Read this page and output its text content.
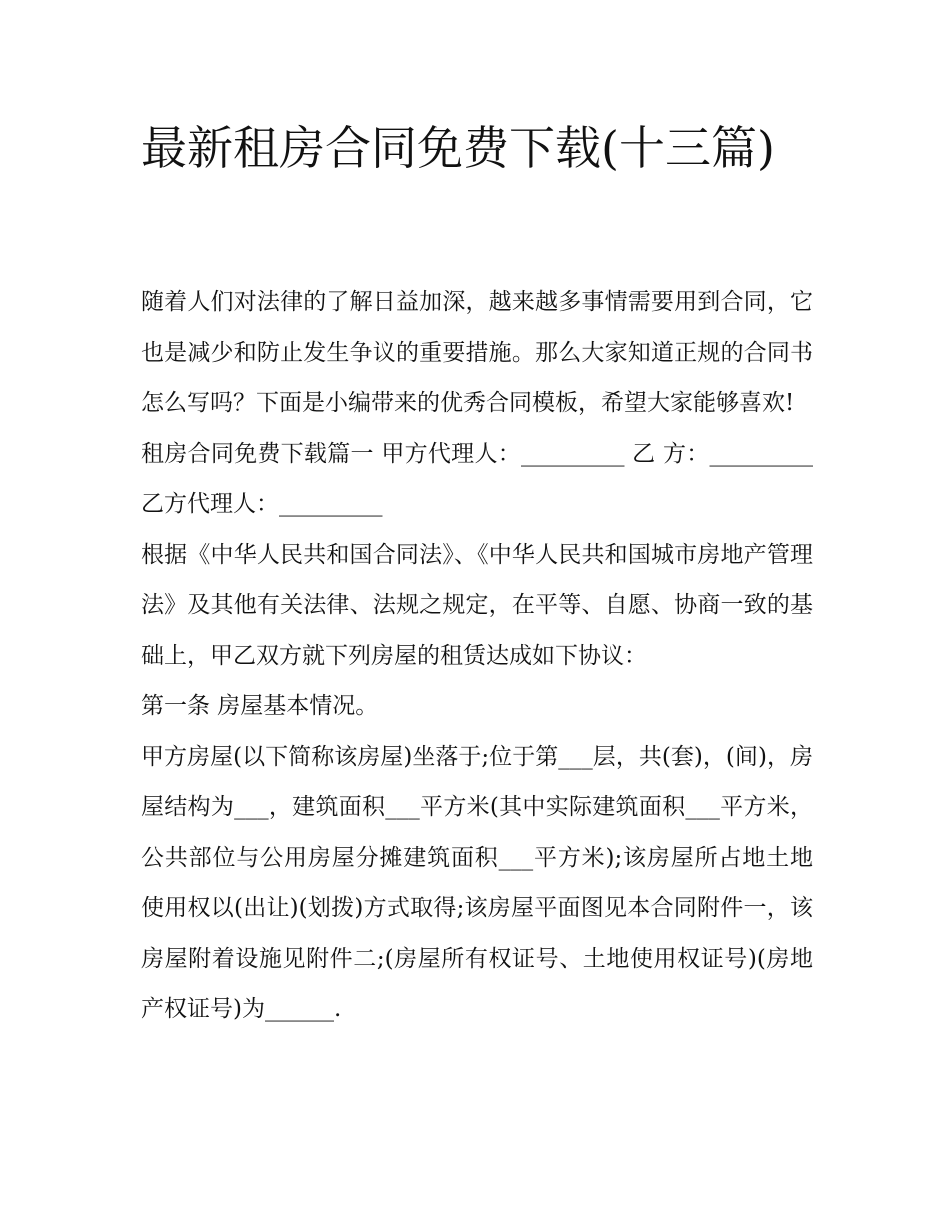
最新租房合同免费下载(十三篇)

随着人们对法律的了解日益加深，越来越多事情需要用到合同，它也是减少和防止发生争议的重要措施。那么大家知道正规的合同书怎么写吗？下面是小编带来的优秀合同模板，希望大家能够喜欢!

租房合同免费下载篇一 甲方代理人：_________ 乙 方：_________ 乙方代理人：_________

根据《中华人民共和国合同法》、《中华人民共和国城市房地产管理法》及其他有关法律、法规之规定，在平等、自愿、协商一致的基础上，甲乙双方就下列房屋的租赁达成如下协议：

第一条 房屋基本情况。

甲方房屋(以下简称该房屋)坐落于;位于第___层，共(套)，(间)，房屋结构为___，建筑面积___平方米(其中实际建筑面积___平方米，公共部位与公用房屋分摊建筑面积___平方米);该房屋所占地土地使用权以(出让)(划拨)方式取得;该房屋平面图见本合同附件一，该房屋附着设施见附件二;(房屋所有权证号、土地使用权证号)(房地产权证号)为______.
